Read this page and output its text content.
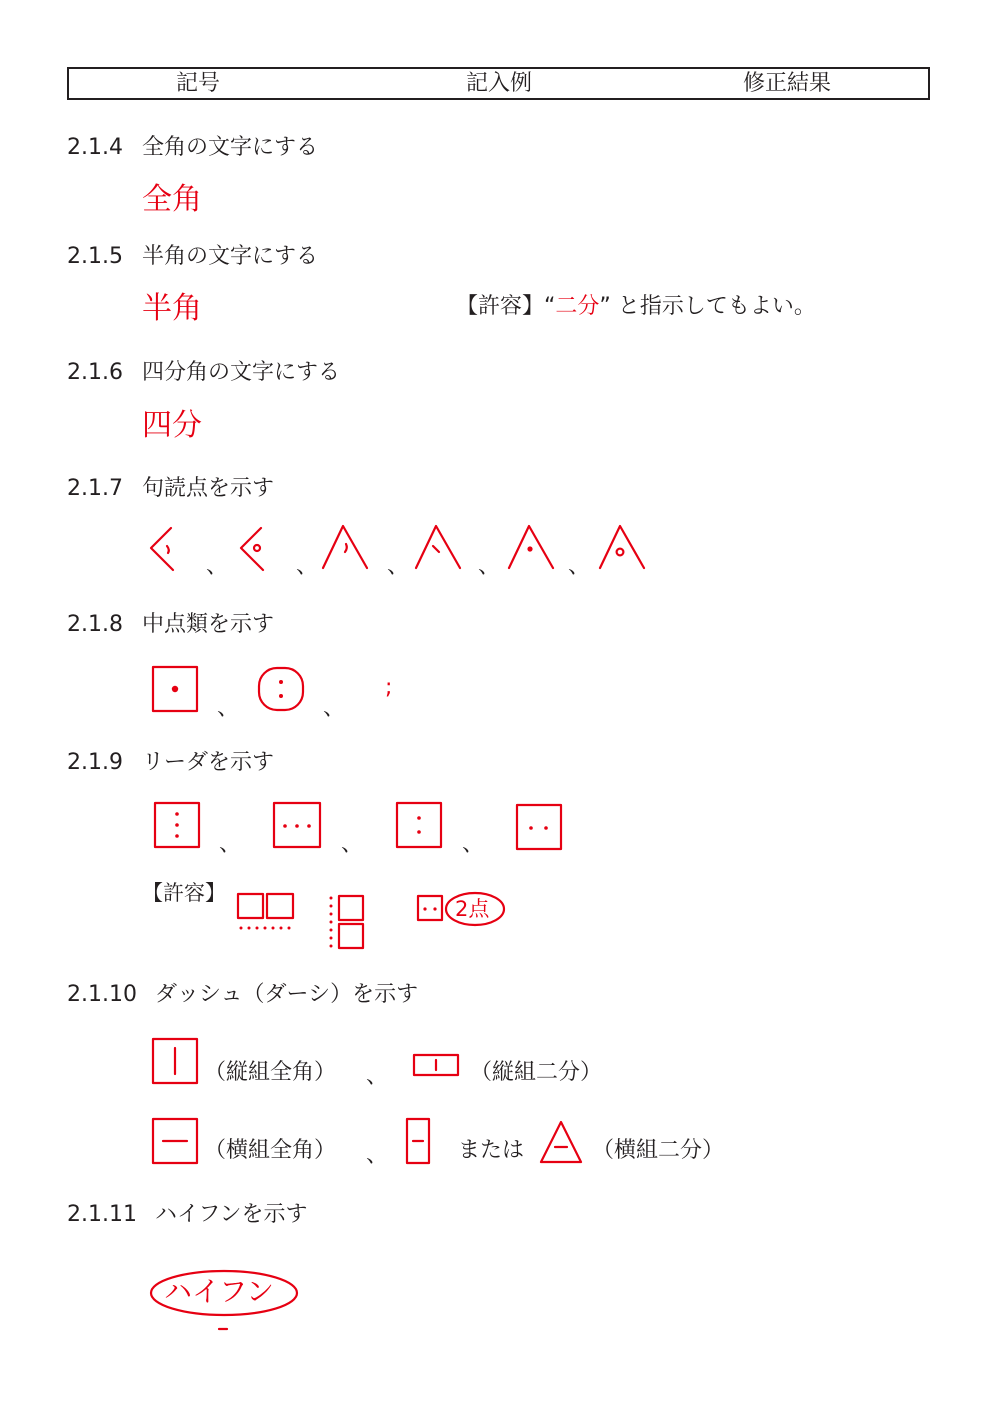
記号	記入例	修正結果
2.1.4 全角の文字にする
全角
2.1.5 半角の文字にする
半角	【許容】“二分” と指示してもよい。
2.1.6 四分角の文字にする
四分
2.1.7 句読点を示す
、	、	、	、	、
2.1.8 中点類を示す
;
、	、
2.1.9 リーダを示す
、	、	、
【許容】
2点
2.1.10 ダッシュ（ダーシ）を示す
（縦組全角） 、	（縦組二分）
（横組全角） 、	または	（横組二分）
2.1.11 ハイフンを示す
ハイフン
